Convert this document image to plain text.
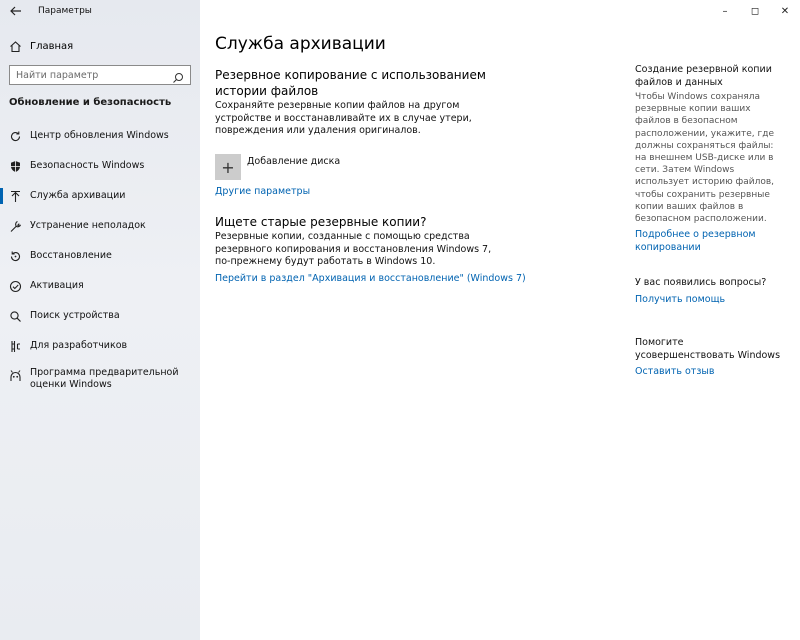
Параметры
Главная
Найти параметр
Обновление и безопасность
Центр обновления Windows
Безопасность Windows
Служба архивации
Устранение неполадок
Восстановление
Активация
Поиск устройства
Для разработчиков
Программа предварительной оценки Windows
–	◻	✕
Служба архивации
Резервное копирование с использованием истории файлов
Сохраняйте резервные копии файлов на другом устройстве и восстанавливайте их в случае утери, повреждения или удаления оригиналов.
+	Добавление диска
Другие параметры
Ищете старые резервные копии?
Резервные копии, созданные с помощью средства резервного копирования и восстановления Windows 7, по-прежнему будут работать в Windows 10.
Перейти в раздел "Архивация и восстановление" (Windows 7)
Создание резервной копии файлов и данных
Чтобы Windows сохраняла резервные копии ваших файлов в безопасном расположении, укажите, где должны сохраняться файлы: на внешнем USB-диске или в сети. Затем Windows использует историю файлов, чтобы сохранить резервные копии ваших файлов в безопасном расположении.
Подробнее о резервном копировании
У вас появились вопросы?
Получить помощь
Помогите усовершенствовать Windows
Оставить отзыв
